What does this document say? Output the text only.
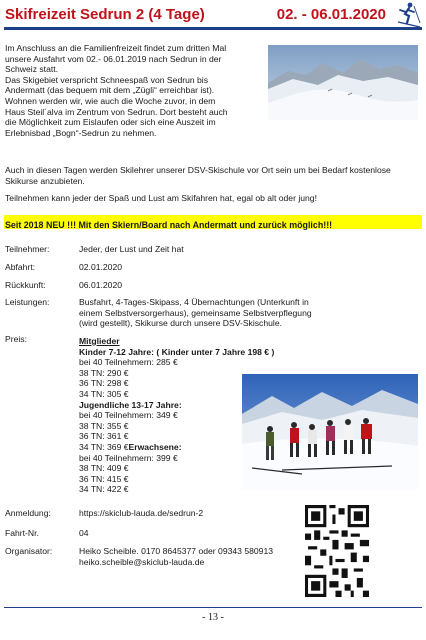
Skifreizeit Sedrun 2 (4 Tage)	02. - 06.01.2020

Im Anschluss an die Familienfreizeit findet zum dritten Mal
unsere Ausfahrt vom 02.- 06.01.2019 nach Sedrun in der
Schweiz statt.
Das Skigebiet verspricht Schneespaß von Sedrun bis
Andermatt (das bequem mit dem „Zügli“ erreichbar ist).
Wohnen werden wir, wie auch die Woche zuvor, in dem
Haus Steil´alva im Zentrum von Sedrun. Dort besteht auch
die Möglichkeit zum Eislaufen oder sich eine Auszeit im
Erlebnisbad „Bogn“-Sedrun zu nehmen.

Auch in diesen Tagen werden Skilehrer unserer DSV-Skischule vor Ort sein um bei Bedarf kostenlose Skikurse anzubieten.
Teilnehmen kann jeder der Spaß und Lust am Skifahren hat, egal ob alt oder jung!
Seit 2018 NEU !!! Mit den Skiern/Board nach Andermatt und zurück möglich!!!
Teilnehmer:	Jeder, der Lust und Zeit hat
Abfahrt:	02.01.2020
Rückkunft:	06.01.2020
Leistungen:	Busfahrt, 4-Tages-Skipass, 4 Übernachtungen (Unterkunft in
einem Selbstversorgerhaus), gemeinsame Selbstverpflegung
(wird gestellt), Skikurse durch unsere DSV-Skischule.
Preis:	Mitglieder
Kinder 7-12 Jahre: ( Kinder unter 7 Jahre 198 € )
bei 40 Teilnehmern: 285 €
38 TN: 290 €
36 TN: 298 €
34 TN: 305 €
Jugendliche 13-17 Jahre:
bei 40 Teilnehmern: 349 €
38 TN: 355 €
36 TN: 361 €
34 TN: 369 €Erwachsene:
bei 40 Teilnehmern: 399 €
38 TN: 409 €
36 TN: 415 €
34 TN: 422 €
Anmeldung:	https://skiclub-lauda.de/sedrun-2
Fahrt-Nr.	04
Organisator:	Heiko Scheible. 0170 8645377 oder 09343 580913
heiko.scheible@skiclub-lauda.de
- 13 -
